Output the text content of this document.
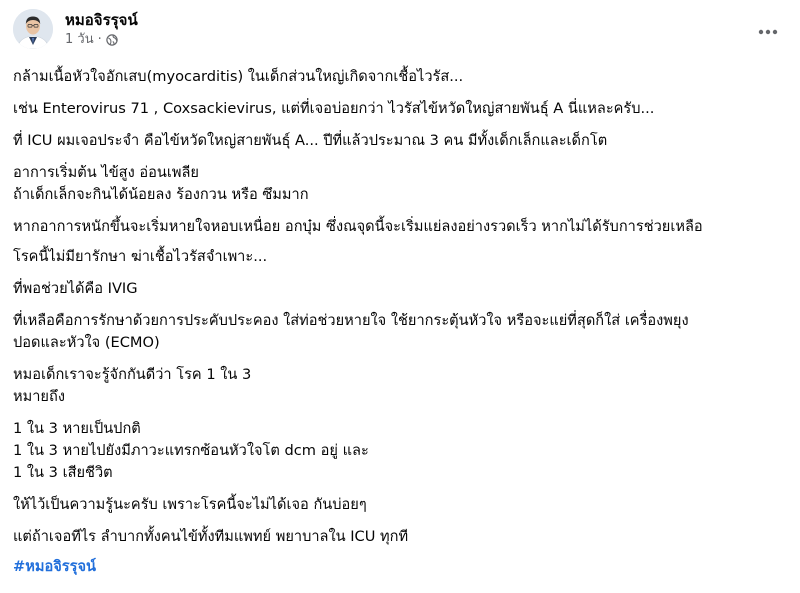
หมอจิรรุจน์
1 วัน ·
กล้ามเนื้อหัวใจอักเสบ(myocarditis) ในเด็กส่วนใหญ่เกิดจากเชื้อไวรัส...
เช่น Enterovirus 71 , Coxsackievirus, แต่ที่เจอบ่อยกว่า ไวรัสไข้หวัดใหญ่สายพันธุ์ A นี่แหละครับ...
ที่ ICU ผมเจอประจำ คือไข้หวัดใหญ่สายพันธุ์ A... ปีที่แล้วประมาณ 3 คน มีทั้งเด็กเล็กและเด็กโต
อาการเริ่มต้น ไข้สูง อ่อนเพลีย
ถ้าเด็กเล็กจะกินได้น้อยลง ร้องกวน หรือ ซึมมาก
หากอาการหนักขึ้นจะเริ่มหายใจหอบเหนื่อย อกบุ๋ม ซึ่งณจุดนี้จะเริ่มแย่ลงอย่างรวดเร็ว หากไม่ได้รับการช่วยเหลือ
โรคนี้ไม่มียารักษา ฆ่าเชื้อไวรัสจำเพาะ...
ที่พอช่วยได้คือ IVIG
ที่เหลือคือการรักษาด้วยการประคับประคอง ใส่ท่อช่วยหายใจ ใช้ยากระตุ้นหัวใจ หรือจะแย่ที่สุดก็ใส่ เครื่องพยุง
ปอดและหัวใจ (ECMO)
หมอเด็กเราจะรู้จักกันดีว่า โรค 1 ใน 3
หมายถึง
1 ใน 3 หายเป็นปกติ
1 ใน 3 หายไปยังมีภาวะแทรกซ้อนหัวใจโต dcm อยู่ และ
1 ใน 3 เสียชีวิต
ให้ไว้เป็นความรู้นะครับ เพราะโรคนี้จะไม่ได้เจอ กันบ่อยๆ
แต่ถ้าเจอทีไร ลำบากทั้งคนไข้ทั้งทีมแพทย์ พยาบาลใน ICU ทุกที
#หมอจิรรุจน์
